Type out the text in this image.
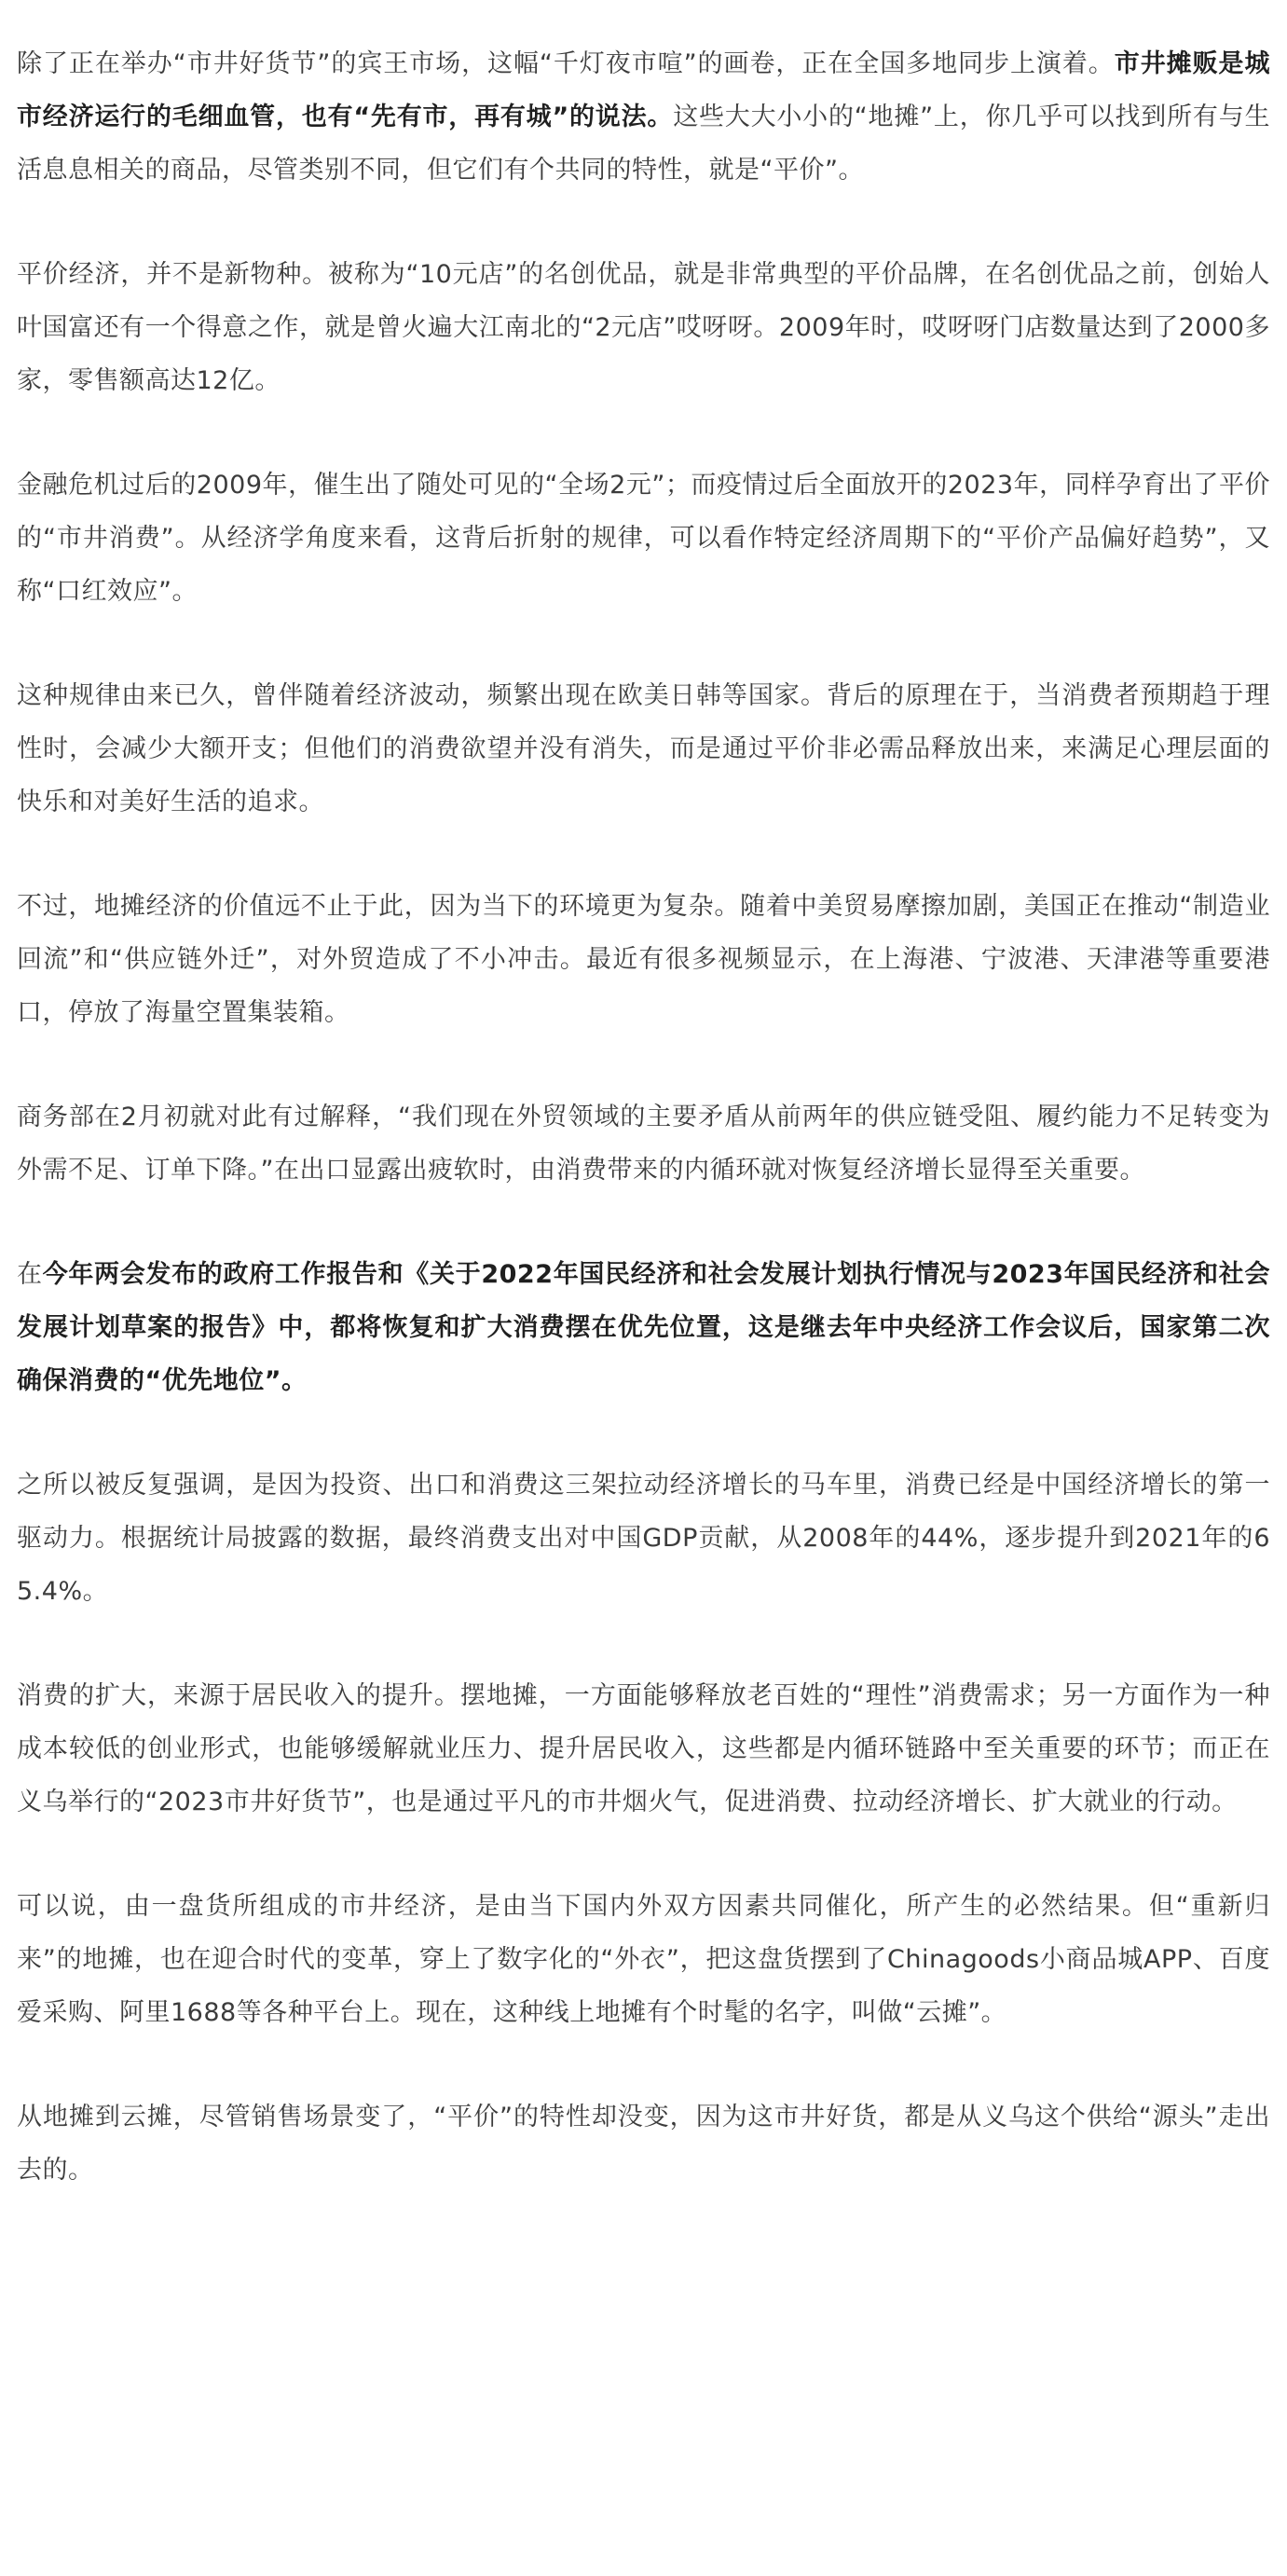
除了正在举办“市井好货节”的宾王市场，这幅“千灯夜市喧”的画卷，正在全国多地同步上演着。市井摊贩是城市经济运行的毛细血管，也有“先有市，再有城”的说法。这些大大小小的“地摊”上，你几乎可以找到所有与生活息息相关的商品，尽管类别不同，但它们有个共同的特性，就是“平价”。

平价经济，并不是新物种。被称为“10元店”的名创优品，就是非常典型的平价品牌，在名创优品之前，创始人叶国富还有一个得意之作，就是曾火遍大江南北的“2元店”哎呀呀。2009年时，哎呀呀门店数量达到了2000多家，零售额高达12亿。

金融危机过后的2009年，催生出了随处可见的“全场2元”；而疫情过后全面放开的2023年，同样孕育出了平价的“市井消费”。从经济学角度来看，这背后折射的规律，可以看作特定经济周期下的“平价产品偏好趋势”，又称“口红效应”。

这种规律由来已久，曾伴随着经济波动，频繁出现在欧美日韩等国家。背后的原理在于，当消费者预期趋于理性时，会减少大额开支；但他们的消费欲望并没有消失，而是通过平价非必需品释放出来，来满足心理层面的快乐和对美好生活的追求。

不过，地摊经济的价值远不止于此，因为当下的环境更为复杂。随着中美贸易摩擦加剧，美国正在推动“制造业回流”和“供应链外迁”，对外贸造成了不小冲击。最近有很多视频显示，在上海港、宁波港、天津港等重要港口，停放了海量空置集装箱。

商务部在2月初就对此有过解释，“我们现在外贸领域的主要矛盾从前两年的供应链受阻、履约能力不足转变为外需不足、订单下降。”在出口显露出疲软时，由消费带来的内循环就对恢复经济增长显得至关重要。

在今年两会发布的政府工作报告和《关于2022年国民经济和社会发展计划执行情况与2023年国民经济和社会发展计划草案的报告》中，都将恢复和扩大消费摆在优先位置，这是继去年中央经济工作会议后，国家第二次确保消费的“优先地位”。

之所以被反复强调，是因为投资、出口和消费这三架拉动经济增长的马车里，消费已经是中国经济增长的第一驱动力。根据统计局披露的数据，最终消费支出对中国GDP贡献，从2008年的44%，逐步提升到2021年的65.4%。

消费的扩大，来源于居民收入的提升。摆地摊，一方面能够释放老百姓的“理性”消费需求；另一方面作为一种成本较低的创业形式，也能够缓解就业压力、提升居民收入，这些都是内循环链路中至关重要的环节；而正在义乌举行的“2023市井好货节”，也是通过平凡的市井烟火气，促进消费、拉动经济增长、扩大就业的行动。

可以说，由一盘货所组成的市井经济，是由当下国内外双方因素共同催化，所产生的必然结果。但“重新归来”的地摊，也在迎合时代的变革，穿上了数字化的“外衣”，把这盘货摆到了Chinagoods小商品城APP、百度爱采购、阿里1688等各种平台上。现在，这种线上地摊有个时髦的名字，叫做“云摊”。

从地摊到云摊，尽管销售场景变了，“平价”的特性却没变，因为这市井好货，都是从义乌这个供给“源头”走出去的。
